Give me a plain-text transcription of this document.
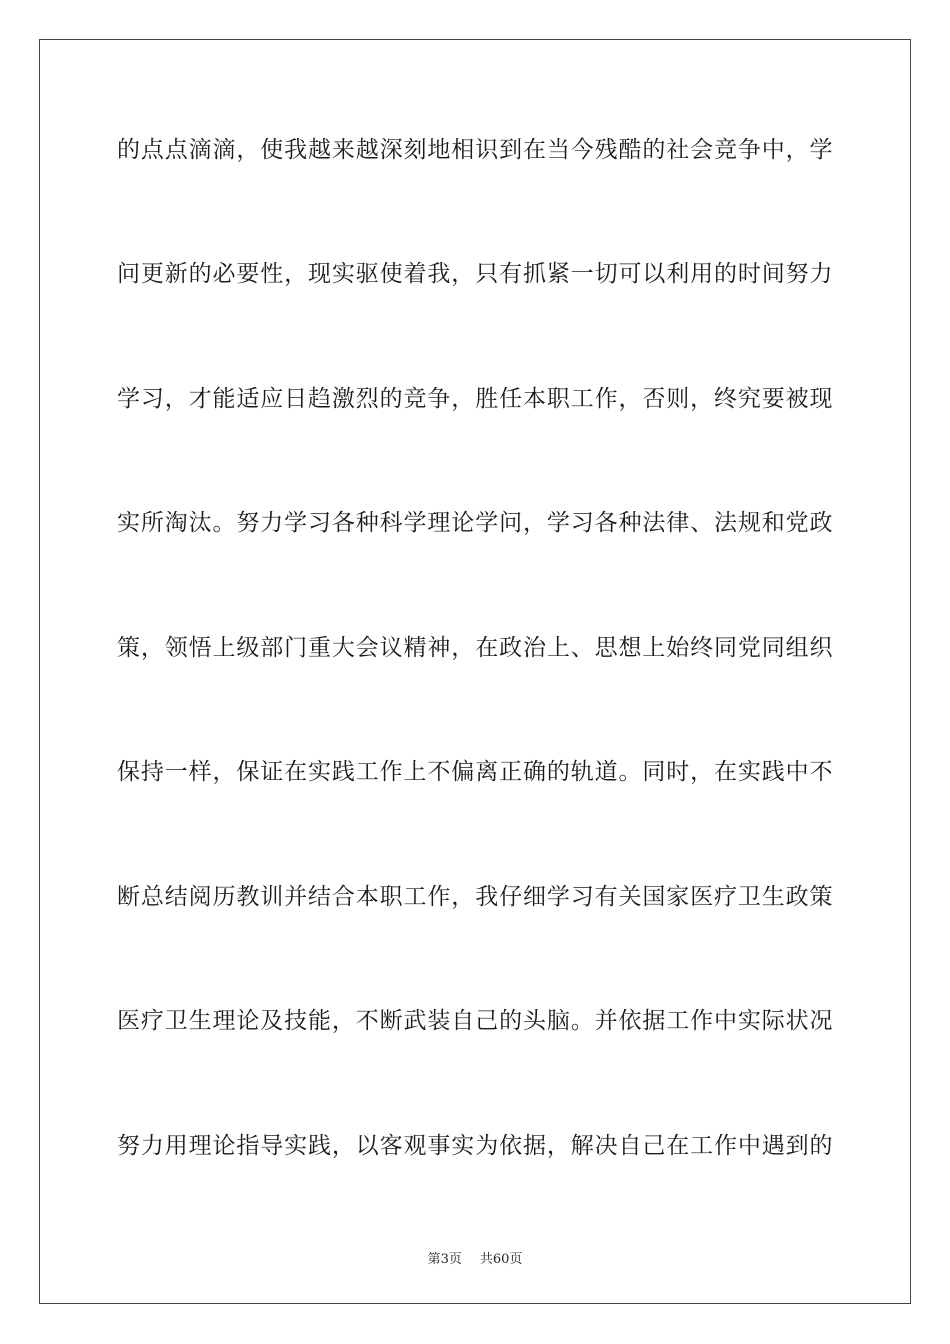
的点点滴滴，使我越来越深刻地相识到在当今残酷的社会竞争中，学
问更新的必要性，现实驱使着我，只有抓紧一切可以利用的时间努力
学习，才能适应日趋激烈的竞争，胜任本职工作，否则，终究要被现
实所淘汰。努力学习各种科学理论学问，学习各种法律、法规和党政
策，领悟上级部门重大会议精神，在政治上、思想上始终同党同组织
保持一样，保证在实践工作上不偏离正确的轨道。同时，在实践中不
断总结阅历教训并结合本职工作，我仔细学习有关国家医疗卫生政策
医疗卫生理论及技能，不断武装自己的头脑。并依据工作中实际状况
努力用理论指导实践，以客观事实为依据，解决自己在工作中遇到的
第3页 共60页
